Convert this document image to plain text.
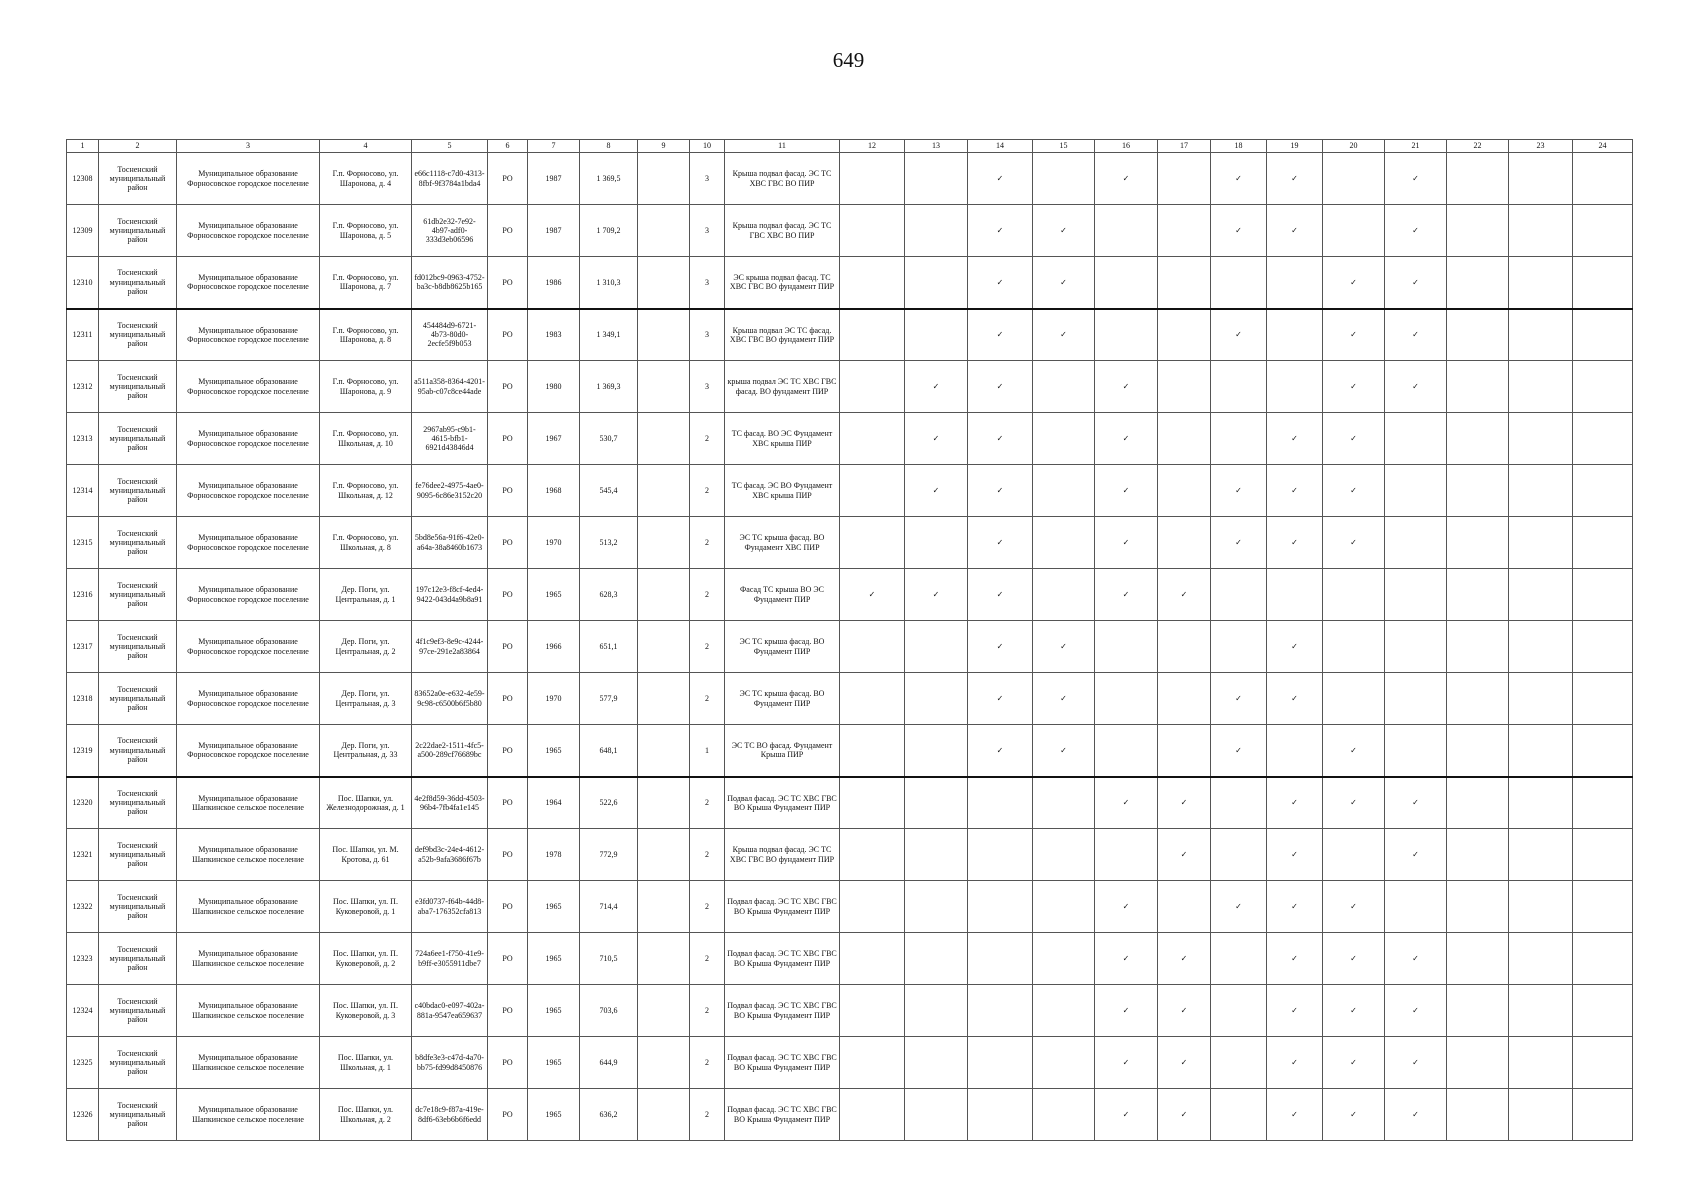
649
1	2	3	4	5	6	7	8	9	10	11	12	13	14	15	16	17	18	19	20	21	22	23	24
12308	Тосненский муниципальный район	Муниципальное образование Форносовское городское поселение	Г.п. Форносово, ул. Шаронова, д. 4	e66c1118-c7d0-4313-8fbf-9f3784a1bda4	РО	1987	1 369,5		3	Крыша подвал фасад. ЭС ТС ХВС ГВС ВО ПИР			✓		✓		✓	✓		✓			
12309	Тосненский муниципальный район	Муниципальное образование Форносовское городское поселение	Г.п. Форносово, ул. Шаронова, д. 5	61db2e32-7e92-4b97-adf0-333d3eb06596	РО	1987	1 709,2		3	Крыша подвал фасад. ЭС ТС ГВС ХВС ВО ПИР			✓	✓			✓	✓		✓			
12310	Тосненский муниципальный район	Муниципальное образование Форносовское городское поселение	Г.п. Форносово, ул. Шаронова, д. 7	fd012bc9-0963-4752-ba3c-b8db8625b165	РО	1986	1 310,3		3	ЭС крыша подвал фасад. ТС ХВС ГВС ВО фундамент ПИР			✓	✓					✓	✓			
12311	Тосненский муниципальный район	Муниципальное образование Форносовское городское поселение	Г.п. Форносово, ул. Шаронова, д. 8	454484d9-6721-4b73-80d0-2ecfe5f9b053	РО	1983	1 349,1		3	Крыша подвал ЭС ТС фасад. ХВС ГВС ВО фундамент ПИР			✓	✓			✓		✓	✓			
12312	Тосненский муниципальный район	Муниципальное образование Форносовское городское поселение	Г.п. Форносово, ул. Шаронова, д. 9	a511a358-8364-4201-95ab-c07c8ce44ade	РО	1980	1 369,3		3	крыша подвал ЭС ТС ХВС ГВС фасад. ВО фундамент ПИР		✓	✓		✓				✓	✓			
12313	Тосненский муниципальный район	Муниципальное образование Форносовское городское поселение	Г.п. Форносово, ул. Школьная, д. 10	2967ab95-c9b1-4615-bfb1-6921d43846d4	РО	1967	530,7		2	ТС фасад. ВО ЭС Фундамент ХВС крыша ПИР		✓	✓		✓			✓	✓				
12314	Тосненский муниципальный район	Муниципальное образование Форносовское городское поселение	Г.п. Форносово, ул. Школьная, д. 12	fe76dee2-4975-4ae0-9095-6c86e3152c20	РО	1968	545,4		2	ТС фасад. ЭС ВО Фундамент ХВС крыша ПИР		✓	✓		✓		✓	✓	✓				
12315	Тосненский муниципальный район	Муниципальное образование Форносовское городское поселение	Г.п. Форносово, ул. Школьная, д. 8	5bd8e56a-91f6-42e0-a64a-38a8460b1673	РО	1970	513,2		2	ЭС ТС крыша фасад. ВО Фундамент ХВС ПИР			✓		✓		✓	✓	✓				
12316	Тосненский муниципальный район	Муниципальное образование Форносовское городское поселение	Дер. Поги, ул. Центральная, д. 1	197c12e3-f8cf-4ed4-9422-043d4a9b8a91	РО	1965	628,3		2	Фасад ТС крыша ВО ЭС Фундамент ПИР	✓	✓	✓		✓	✓							
12317	Тосненский муниципальный район	Муниципальное образование Форносовское городское поселение	Дер. Поги, ул. Центральная, д. 2	4f1c9ef3-8e9c-4244-97ce-291e2a83864	РО	1966	651,1		2	ЭС ТС крыша фасад. ВО Фундамент ПИР			✓	✓				✓					
12318	Тосненский муниципальный район	Муниципальное образование Форносовское городское поселение	Дер. Поги, ул. Центральная, д. 3	83652a0e-e632-4e59-9c98-c6500b6f5b80	РО	1970	577,9		2	ЭС ТС крыша фасад. ВО Фундамент ПИР			✓	✓			✓	✓					
12319	Тосненский муниципальный район	Муниципальное образование Форносовское городское поселение	Дер. Поги, ул. Центральная, д. 33	2c22dae2-1511-4fc5-a500-289cf76689bc	РО	1965	648,1		1	ЭС ТС ВО фасад. Фундамент Крыша ПИР			✓	✓			✓		✓				
12320	Тосненский муниципальный район	Муниципальное образование Шапкинское сельское поселение	Пос. Шапки, ул. Железнодорожная, д. 1	4e2f8d59-36dd-4503-96b4-7fb4fa1e145	РО	1964	522,6		2	Подвал фасад. ЭС ТС ХВС ГВС ВО Крыша Фундамент ПИР					✓	✓		✓	✓	✓			
12321	Тосненский муниципальный район	Муниципальное образование Шапкинское сельское поселение	Пос. Шапки, ул. М. Кротова, д. 61	def9bd3c-24e4-4612-a52b-9afa3686f67b	РО	1978	772,9		2	Крыша подвал фасад. ЭС ТС ХВС ГВС ВО фундамент ПИР						✓		✓		✓			
12322	Тосненский муниципальный район	Муниципальное образование Шапкинское сельское поселение	Пос. Шапки, ул. П. Куковеровой, д. 1	e3fd0737-f64b-44d8-aba7-176352cfa813	РО	1965	714,4		2	Подвал фасад. ЭС ТС ХВС ГВС ВО Крыша Фундамент ПИР					✓		✓	✓	✓				
12323	Тосненский муниципальный район	Муниципальное образование Шапкинское сельское поселение	Пос. Шапки, ул. П. Куковеровой, д. 2	724a6ee1-f750-41e9-b9ff-e3055911dbe7	РО	1965	710,5		2	Подвал фасад. ЭС ТС ХВС ГВС ВО Крыша Фундамент ПИР					✓	✓		✓	✓	✓			
12324	Тосненский муниципальный район	Муниципальное образование Шапкинское сельское поселение	Пос. Шапки, ул. П. Куковеровой, д. 3	c40bdac0-e097-402a-881a-9547ea659637	РО	1965	703,6		2	Подвал фасад. ЭС ТС ХВС ГВС ВО Крыша Фундамент ПИР					✓	✓		✓	✓	✓			
12325	Тосненский муниципальный район	Муниципальное образование Шапкинское сельское поселение	Пос. Шапки, ул. Школьная, д. 1	b8dfe3e3-c47d-4a70-bb75-fd99d8450876	РО	1965	644,9		2	Подвал фасад. ЭС ТС ХВС ГВС ВО Крыша Фундамент ПИР					✓	✓		✓	✓	✓			
12326	Тосненский муниципальный район	Муниципальное образование Шапкинское сельское поселение	Пос. Шапки, ул. Школьная, д. 2	dc7e18c9-f87a-419e-8df6-63eb6b6f6edd	РО	1965	636,2		2	Подвал фасад. ЭС ТС ХВС ГВС ВО Крыша Фундамент ПИР					✓	✓		✓	✓	✓			
